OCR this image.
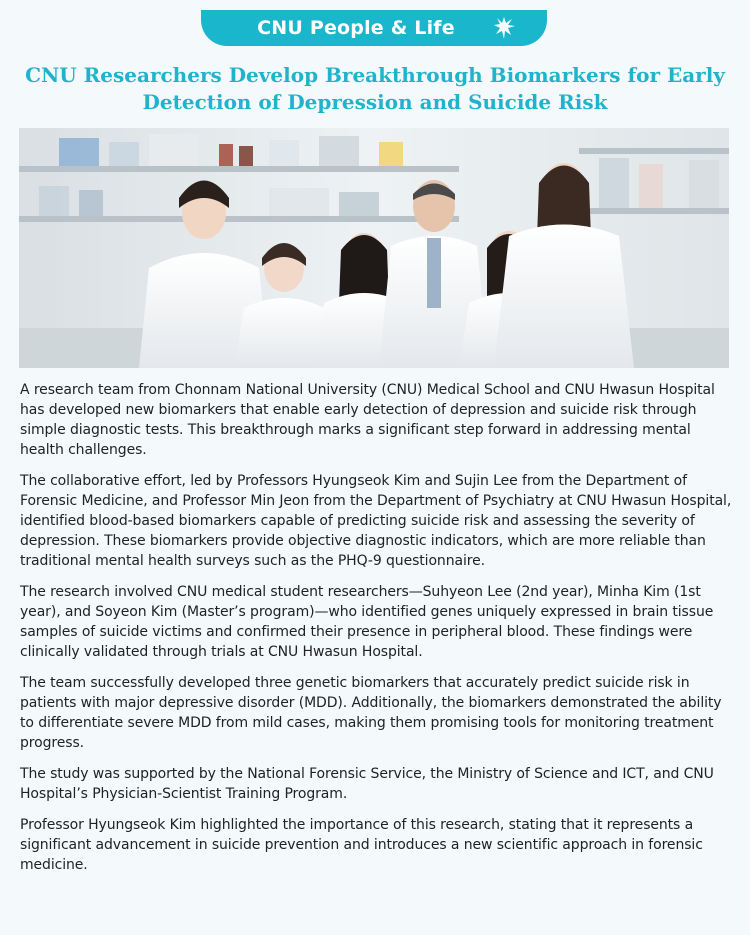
CNU People & Life
CNU Researchers Develop Breakthrough Biomarkers for Early Detection of Depression and Suicide Risk

A research team from Chonnam National University (CNU) Medical School and CNU Hwasun Hospital has developed new biomarkers that enable early detection of depression and suicide risk through simple diagnostic tests. This breakthrough marks a significant step forward in addressing mental health challenges.

The collaborative effort, led by Professors Hyungseok Kim and Sujin Lee from the Department of Forensic Medicine, and Professor Min Jeon from the Department of Psychiatry at CNU Hwasun Hospital, identified blood-based biomarkers capable of predicting suicide risk and assessing the severity of depression. These biomarkers provide objective diagnostic indicators, which are more reliable than traditional mental health surveys such as the PHQ-9 questionnaire.

The research involved CNU medical student researchers—Suhyeon Lee (2nd year), Minha Kim (1st year), and Soyeon Kim (Master’s program)—who identified genes uniquely expressed in brain tissue samples of suicide victims and confirmed their presence in peripheral blood. These findings were clinically validated through trials at CNU Hwasun Hospital.

The team successfully developed three genetic biomarkers that accurately predict suicide risk in patients with major depressive disorder (MDD). Additionally, the biomarkers demonstrated the ability to differentiate severe MDD from mild cases, making them promising tools for monitoring treatment progress.

The study was supported by the National Forensic Service, the Ministry of Science and ICT, and CNU Hospital’s Physician-Scientist Training Program.

Professor Hyungseok Kim highlighted the importance of this research, stating that it represents a significant advancement in suicide prevention and introduces a new scientific approach in forensic medicine.
